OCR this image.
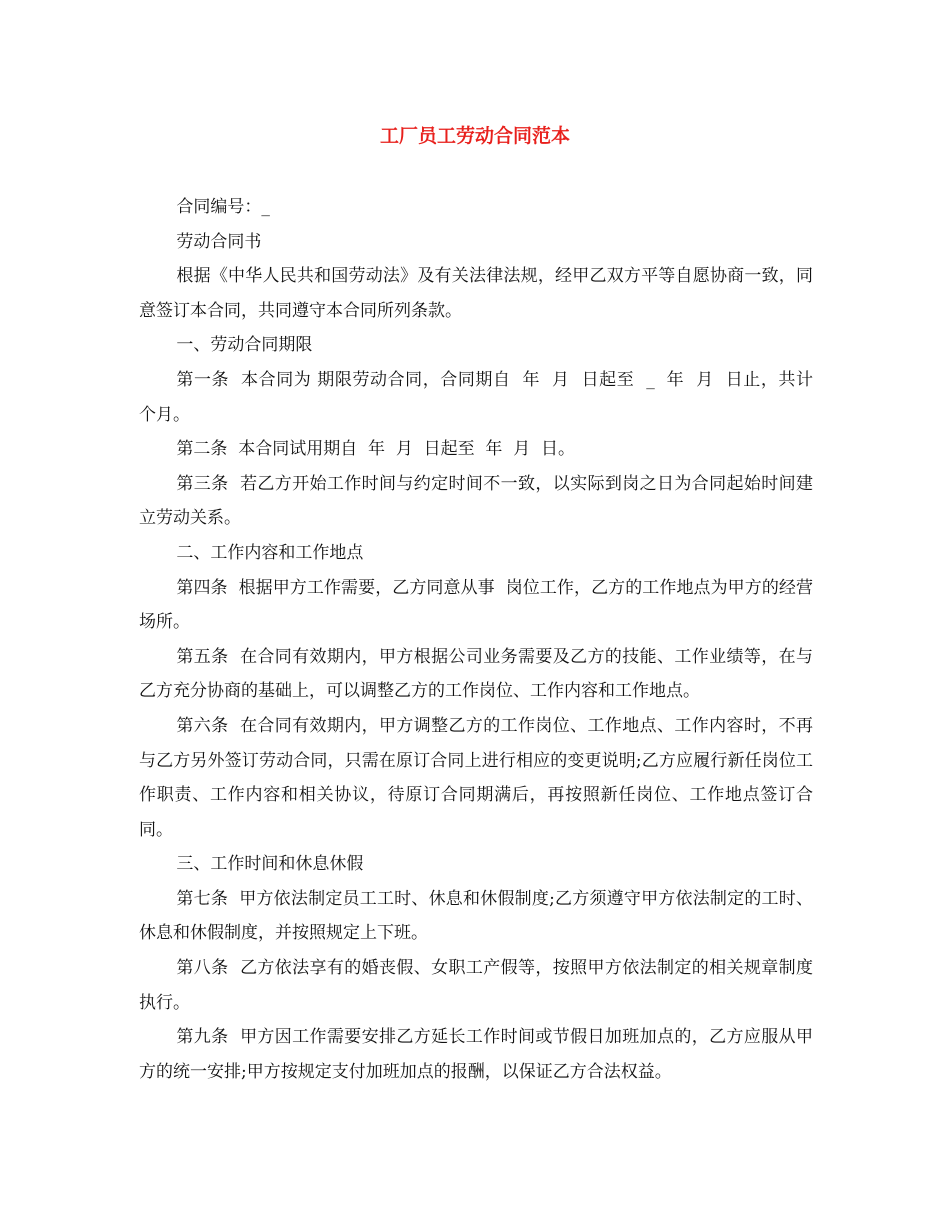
工厂员工劳动合同范本

合同编号：_

劳动合同书

根据《中华人民共和国劳动法》及有关法律法规，经甲乙双方平等自愿协商一致，同意签订本合同，共同遵守本合同所列条款。

一、劳动合同期限

第一条  本合同为 期限劳动合同，合同期自  年  月  日起至  _  年  月  日止，共计  个月。

第二条  本合同试用期自  年  月  日起至  年  月  日。

第三条  若乙方开始工作时间与约定时间不一致，以实际到岗之日为合同起始时间建立劳动关系。

二、工作内容和工作地点

第四条  根据甲方工作需要，乙方同意从事  岗位工作，乙方的工作地点为甲方的经营场所。

第五条  在合同有效期内，甲方根据公司业务需要及乙方的技能、工作业绩等，在与乙方充分协商的基础上，可以调整乙方的工作岗位、工作内容和工作地点。

第六条  在合同有效期内，甲方调整乙方的工作岗位、工作地点、工作内容时，不再与乙方另外签订劳动合同，只需在原订合同上进行相应的变更说明;乙方应履行新任岗位工作职责、工作内容和相关协议，待原订合同期满后，再按照新任岗位、工作地点签订合同。

三、工作时间和休息休假

第七条  甲方依法制定员工工时、休息和休假制度;乙方须遵守甲方依法制定的工时、休息和休假制度，并按照规定上下班。

第八条  乙方依法享有的婚丧假、女职工产假等，按照甲方依法制定的相关规章制度执行。

第九条  甲方因工作需要安排乙方延长工作时间或节假日加班加点的，乙方应服从甲方的统一安排;甲方按规定支付加班加点的报酬，以保证乙方合法权益。
